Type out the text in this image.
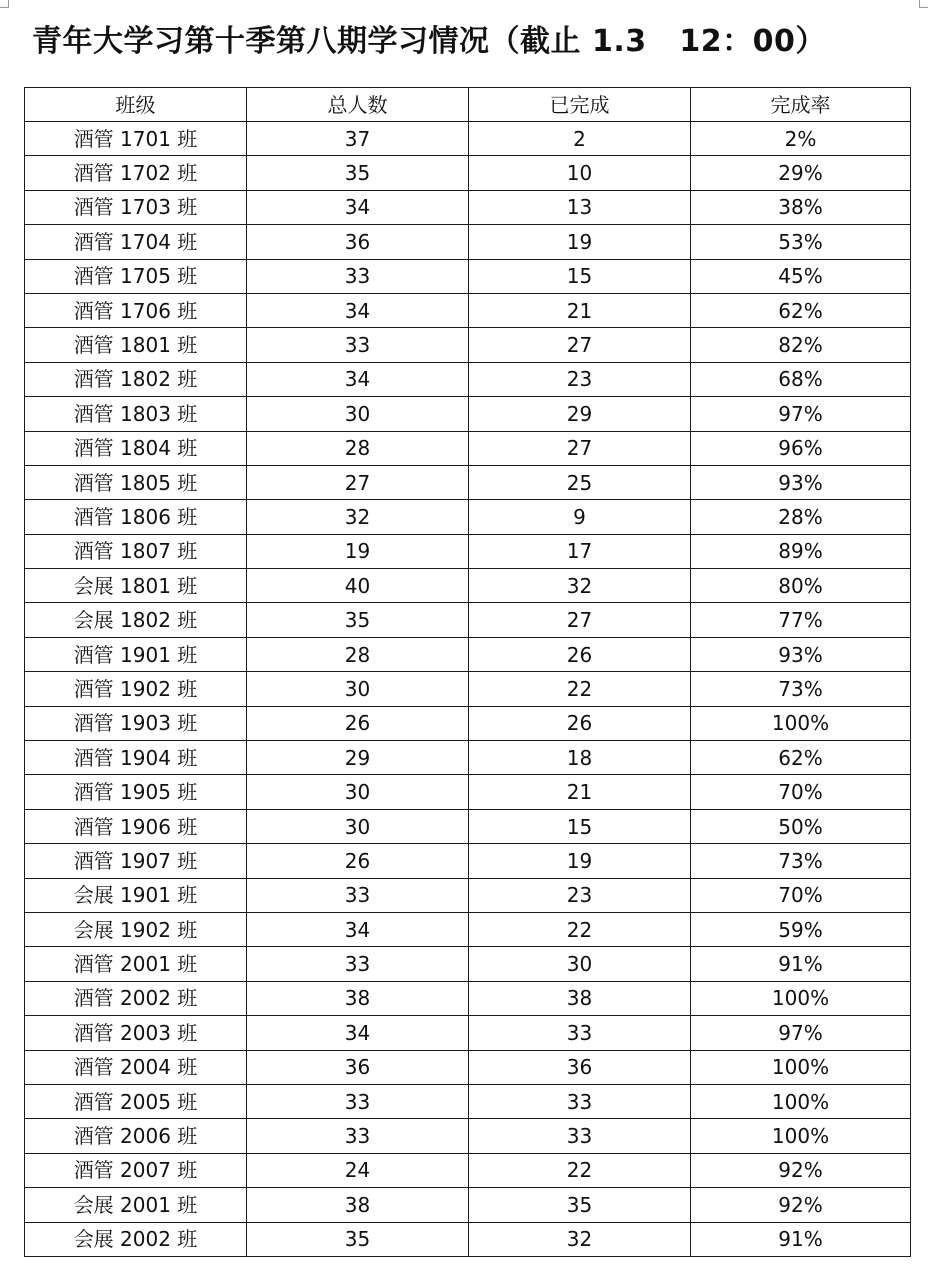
青年大学习第十季第八期学习情况（截止 1.3   12：00）
班级	总人数	已完成	完成率
酒管 1701 班	37	2	2%
酒管 1702 班	35	10	29%
酒管 1703 班	34	13	38%
酒管 1704 班	36	19	53%
酒管 1705 班	33	15	45%
酒管 1706 班	34	21	62%
酒管 1801 班	33	27	82%
酒管 1802 班	34	23	68%
酒管 1803 班	30	29	97%
酒管 1804 班	28	27	96%
酒管 1805 班	27	25	93%
酒管 1806 班	32	9	28%
酒管 1807 班	19	17	89%
会展 1801 班	40	32	80%
会展 1802 班	35	27	77%
酒管 1901 班	28	26	93%
酒管 1902 班	30	22	73%
酒管 1903 班	26	26	100%
酒管 1904 班	29	18	62%
酒管 1905 班	30	21	70%
酒管 1906 班	30	15	50%
酒管 1907 班	26	19	73%
会展 1901 班	33	23	70%
会展 1902 班	34	22	59%
酒管 2001 班	33	30	91%
酒管 2002 班	38	38	100%
酒管 2003 班	34	33	97%
酒管 2004 班	36	36	100%
酒管 2005 班	33	33	100%
酒管 2006 班	33	33	100%
酒管 2007 班	24	22	92%
会展 2001 班	38	35	92%
会展 2002 班	35	32	91%
